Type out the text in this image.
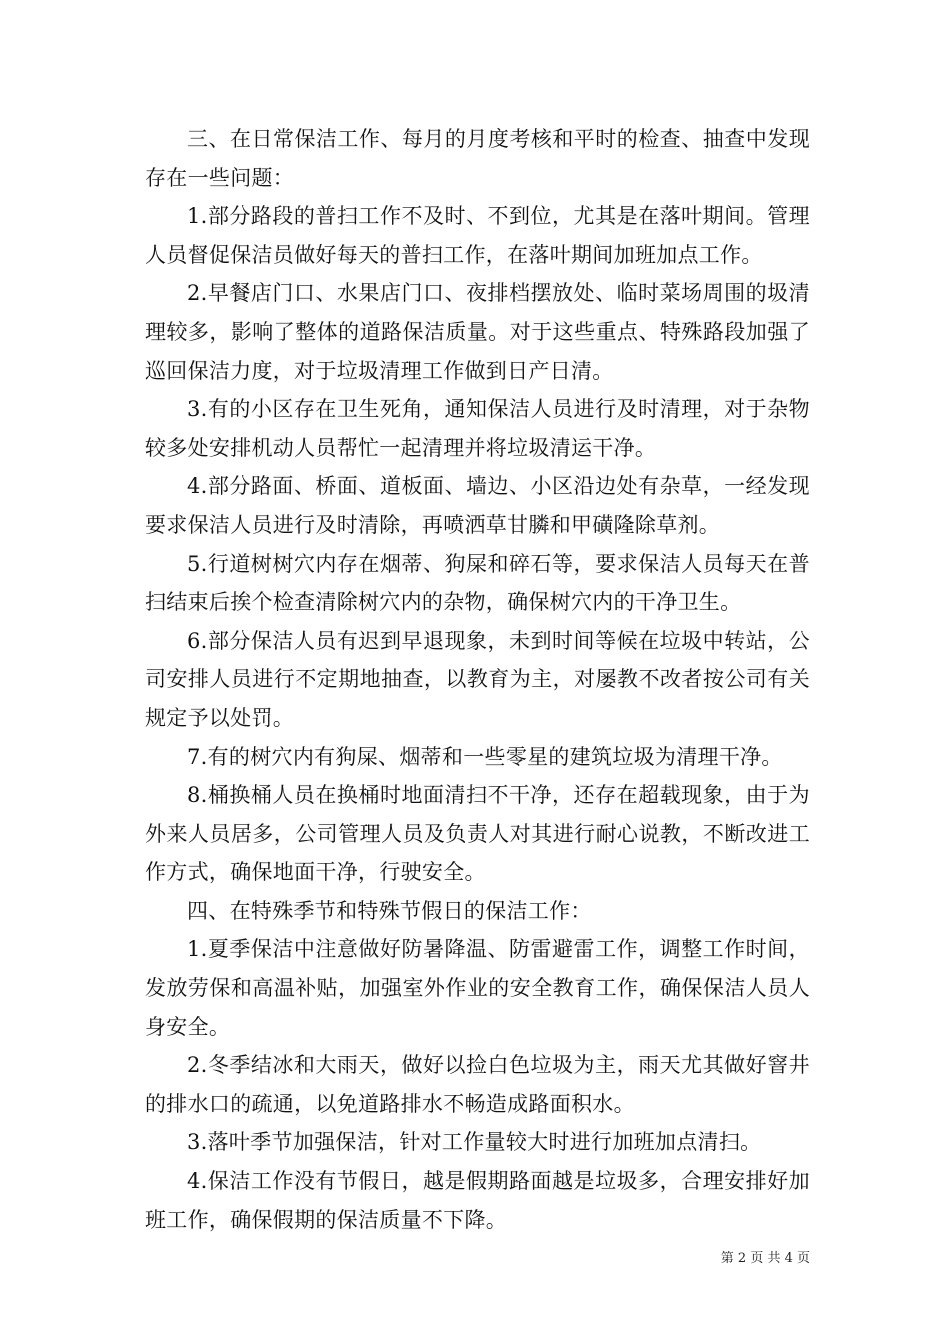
三、在日常保洁工作、每月的月度考核和平时的检查、抽查中发现存在一些问题：

1.部分路段的普扫工作不及时、不到位，尤其是在落叶期间。管理人员督促保洁员做好每天的普扫工作，在落叶期间加班加点工作。

2.早餐店门口、水果店门口、夜排档摆放处、临时菜场周围的圾清理较多，影响了整体的道路保洁质量。对于这些重点、特殊路段加强了巡回保洁力度，对于垃圾清理工作做到日产日清。

3.有的小区存在卫生死角，通知保洁人员进行及时清理，对于杂物较多处安排机动人员帮忙一起清理并将垃圾清运干净。

4.部分路面、桥面、道板面、墙边、小区沿边处有杂草，一经发现要求保洁人员进行及时清除，再喷洒草甘膦和甲磺隆除草剂。

5.行道树树穴内存在烟蒂、狗屎和碎石等，要求保洁人员每天在普扫结束后挨个检查清除树穴内的杂物，确保树穴内的干净卫生。

6.部分保洁人员有迟到早退现象，未到时间等候在垃圾中转站，公司安排人员进行不定期地抽查，以教育为主，对屡教不改者按公司有关规定予以处罚。

7.有的树穴内有狗屎、烟蒂和一些零星的建筑垃圾为清理干净。

8.桶换桶人员在换桶时地面清扫不干净，还存在超载现象，由于为外来人员居多，公司管理人员及负责人对其进行耐心说教，不断改进工作方式，确保地面干净，行驶安全。

四、在特殊季节和特殊节假日的保洁工作：

1.夏季保洁中注意做好防暑降温、防雷避雷工作，调整工作时间，发放劳保和高温补贴，加强室外作业的安全教育工作，确保保洁人员人身安全。

2.冬季结冰和大雨天，做好以捡白色垃圾为主，雨天尤其做好窨井的排水口的疏通，以免道路排水不畅造成路面积水。

3.落叶季节加强保洁，针对工作量较大时进行加班加点清扫。

4.保洁工作没有节假日，越是假期路面越是垃圾多，合理安排好加班工作，确保假期的保洁质量不下降。

第 2 页 共 4 页
